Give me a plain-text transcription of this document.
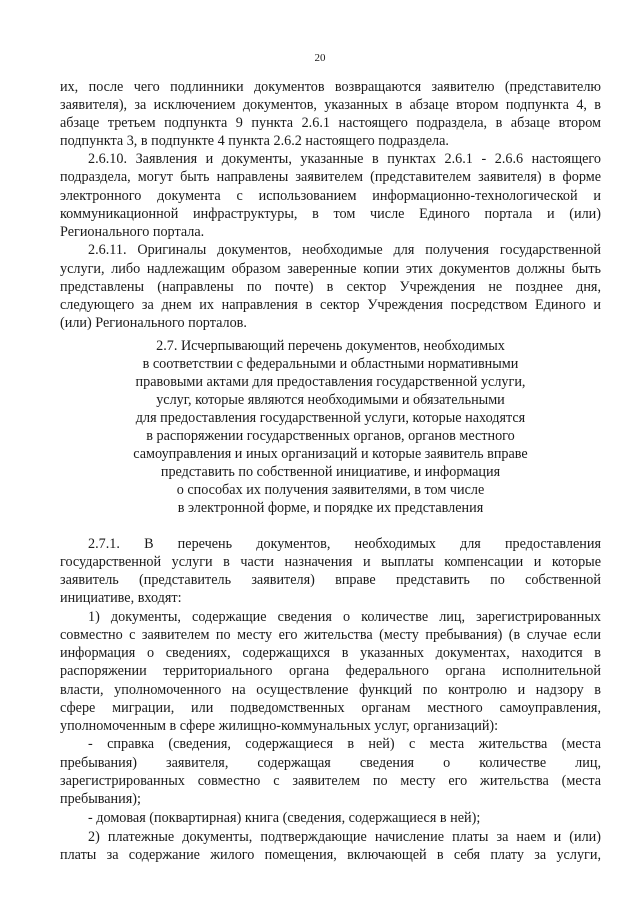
20
их, после чего подлинники документов возвращаются заявителю (представителю
заявителя), за исключением документов, указанных в абзаце втором подпункта 4, в
абзаце третьем подпункта 9 пункта 2.6.1 настоящего подраздела, в абзаце втором
подпункта 3, в подпункте 4 пункта 2.6.2 настоящего подраздела.
2.6.10. Заявления и документы, указанные в пунктах 2.6.1 - 2.6.6 настоящего
подраздела, могут быть направлены заявителем (представителем заявителя) в форме
электронного документа с использованием информационно-технологической и
коммуникационной инфраструктуры, в том числе Единого портала и (или)
Регионального портала.
2.6.11. Оригиналы документов, необходимые для получения государственной
услуги, либо надлежащим образом заверенные копии этих документов должны быть
представлены (направлены по почте) в сектор Учреждения не позднее дня,
следующего за днем их направления в сектор Учреждения посредством Единого и
(или) Регионального порталов.
2.7. Исчерпывающий перечень документов, необходимых
в соответствии с федеральными и областными нормативными
правовыми актами для предоставления государственной услуги,
услуг, которые являются необходимыми и обязательными
для предоставления государственной услуги, которые находятся
в распоряжении государственных органов, органов местного
самоуправления и иных организаций и которые заявитель вправе
представить по собственной инициативе, и информация
о способах их получения заявителями, в том числе
в электронной форме, и порядке их представления
2.7.1. В перечень документов, необходимых для предоставления
государственной услуги в части назначения и выплаты компенсации и которые
заявитель (представитель заявителя) вправе представить по собственной
инициативе, входят:
1) документы, содержащие сведения о количестве лиц, зарегистрированных
совместно с заявителем по месту его жительства (месту пребывания) (в случае если
информация о сведениях, содержащихся в указанных документах, находится в
распоряжении территориального органа федерального органа исполнительной
власти, уполномоченного на осуществление функций по контролю и надзору в
сфере миграции, или подведомственных органам местного самоуправления,
уполномоченным в сфере жилищно-коммунальных услуг, организаций):
- справка (сведения, содержащиеся в ней) с места жительства (места
пребывания) заявителя, содержащая сведения о количестве лиц,
зарегистрированных совместно с заявителем по месту его жительства (места
пребывания);
- домовая (поквартирная) книга (сведения, содержащиеся в ней);
2) платежные документы, подтверждающие начисление платы за наем и (или)
платы за содержание жилого помещения, включающей в себя плату за услуги,
